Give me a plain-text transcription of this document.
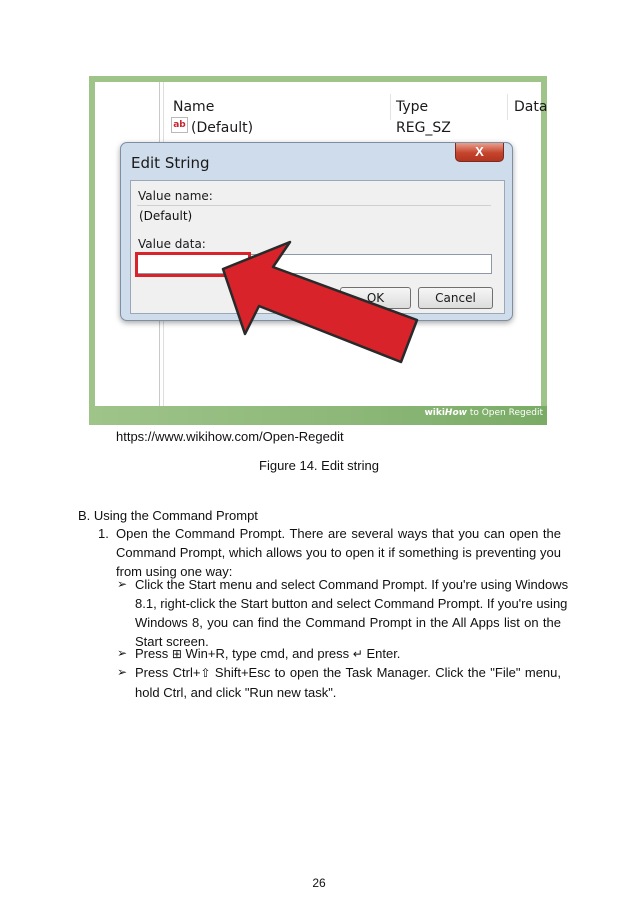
Name	Type	Data
ab (Default)	REG_SZ
Edit String
X
Value name:
(Default)
Value data:
OK	Cancel
wikiHow to Open Regedit
https://www.wikihow.com/Open-Regedit
Figure 14. Edit string
B. Using the Command Prompt
1. Open the Command Prompt. There are several ways that you can open the
Command Prompt, which allows you to open it if something is preventing you
from using one way:
➢ Click the Start menu and select Command Prompt. If you're using Windows
8.1, right-click the Start button and select Command Prompt. If you're using
Windows 8, you can find the Command Prompt in the All Apps list on the
Start screen.
➢ Press ⊞ Win+R, type cmd, and press ↵ Enter.
➢ Press Ctrl+⇧ Shift+Esc to open the Task Manager. Click the "File" menu,
hold Ctrl, and click "Run new task".
26
